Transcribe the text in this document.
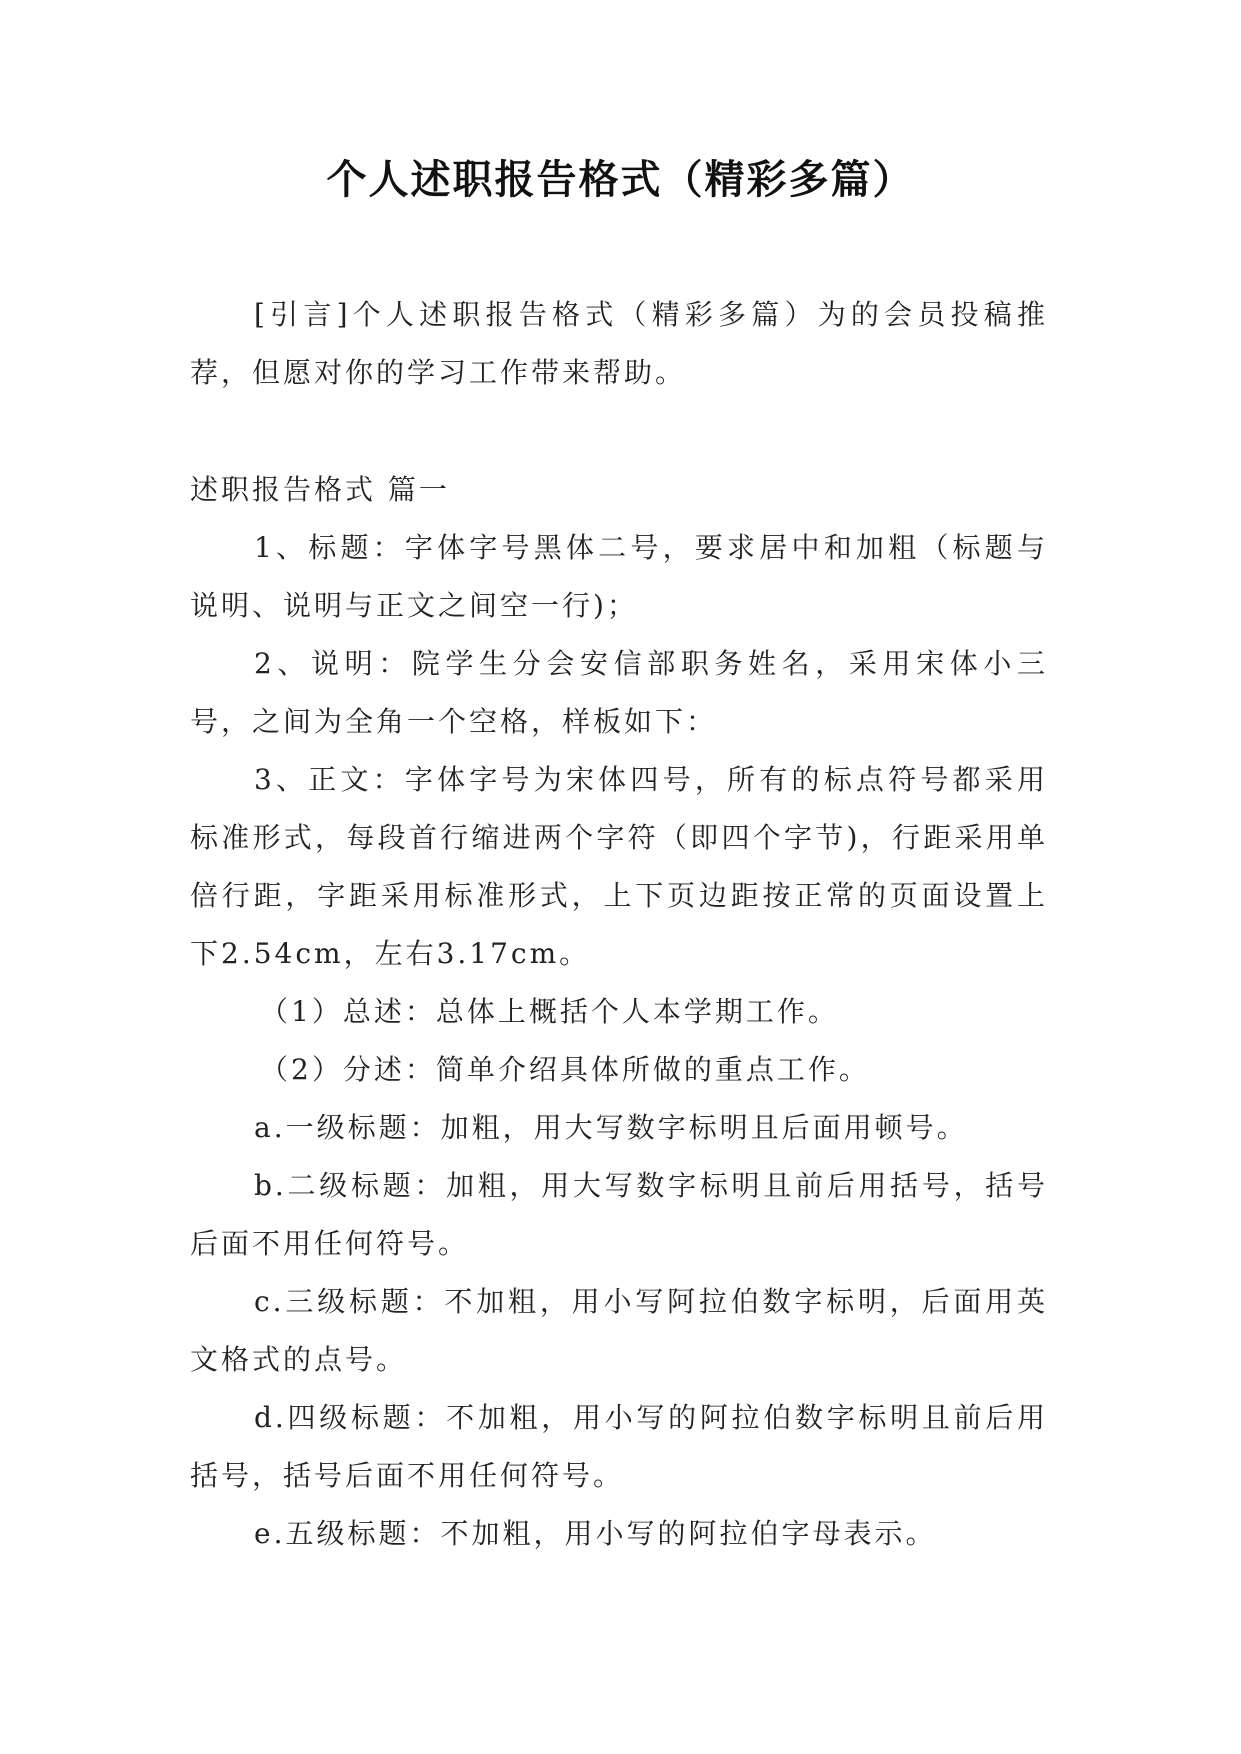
个人述职报告格式（精彩多篇）

[引言]个人述职报告格式（精彩多篇）为的会员投稿推荐，但愿对你的学习工作带来帮助。

述职报告格式 篇一

1、标题：字体字号黑体二号，要求居中和加粗（标题与说明、说明与正文之间空一行)；

2、说明：院学生分会安信部职务姓名，采用宋体小三号，之间为全角一个空格，样板如下：

3、正文：字体字号为宋体四号，所有的标点符号都采用标准形式，每段首行缩进两个字符（即四个字节)，行距采用单倍行距，字距采用标准形式，上下页边距按正常的页面设置上下2.54cm，左右3.17cm。

（1）总述：总体上概括个人本学期工作。

（2）分述：简单介绍具体所做的重点工作。

a.一级标题：加粗，用大写数字标明且后面用顿号。

b.二级标题：加粗，用大写数字标明且前后用括号，括号后面不用任何符号。

c.三级标题：不加粗，用小写阿拉伯数字标明，后面用英文格式的点号。

d.四级标题：不加粗，用小写的阿拉伯数字标明且前后用括号，括号后面不用任何符号。

e.五级标题：不加粗，用小写的阿拉伯字母表示。
